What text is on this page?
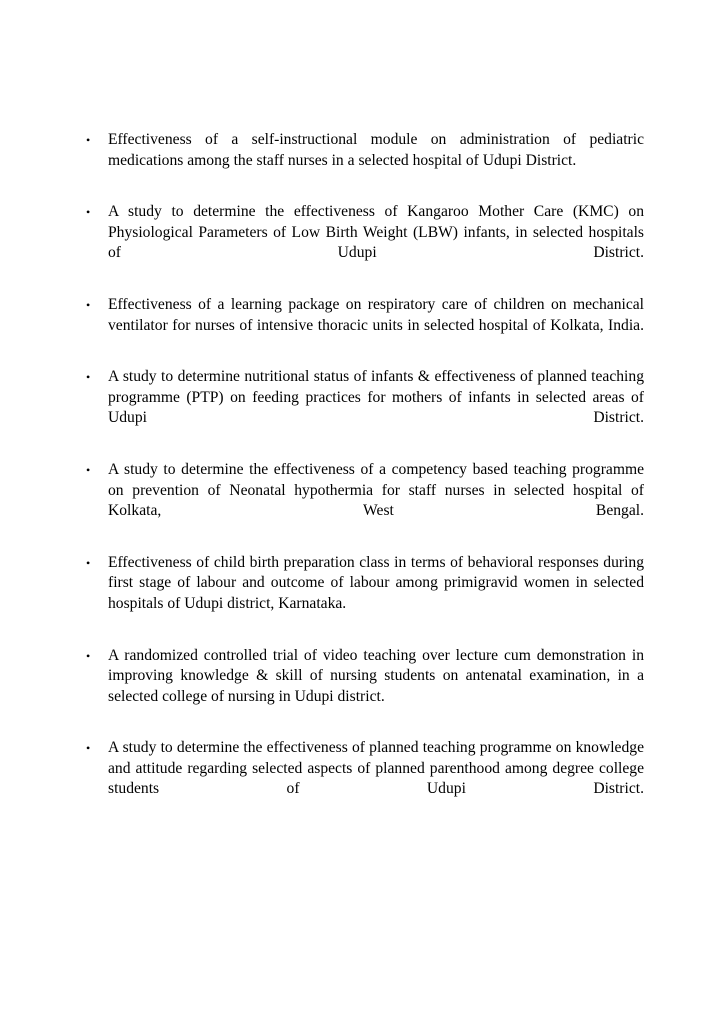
•	Effectiveness of a self-instructional module on administration of pediatric medications among the staff nurses in a selected hospital of Udupi District.
•	A study to determine the effectiveness of Kangaroo Mother Care (KMC) on Physiological Parameters of Low Birth Weight (LBW) infants, in selected hospitals of Udupi District.
•	Effectiveness of a learning package on respiratory care of children on mechanical ventilator for nurses of intensive thoracic units in selected hospital of Kolkata, India.
•	A study to determine nutritional status of infants & effectiveness of planned teaching programme (PTP) on feeding practices for mothers of infants in selected areas of Udupi District.
•	A study to determine the effectiveness of a competency based teaching programme on prevention of Neonatal hypothermia for staff nurses in selected hospital of Kolkata, West Bengal.
•	Effectiveness of child birth preparation class in terms of behavioral responses during first stage of labour and outcome of labour among primigravid women in selected hospitals of Udupi district, Karnataka.
•	A randomized controlled trial of video teaching over lecture cum demonstration in improving knowledge & skill of nursing students on antenatal examination, in a selected college of nursing in Udupi district.
•	A study to determine the effectiveness of planned teaching programme on knowledge and attitude regarding selected aspects of planned parenthood among degree college students of Udupi District.
